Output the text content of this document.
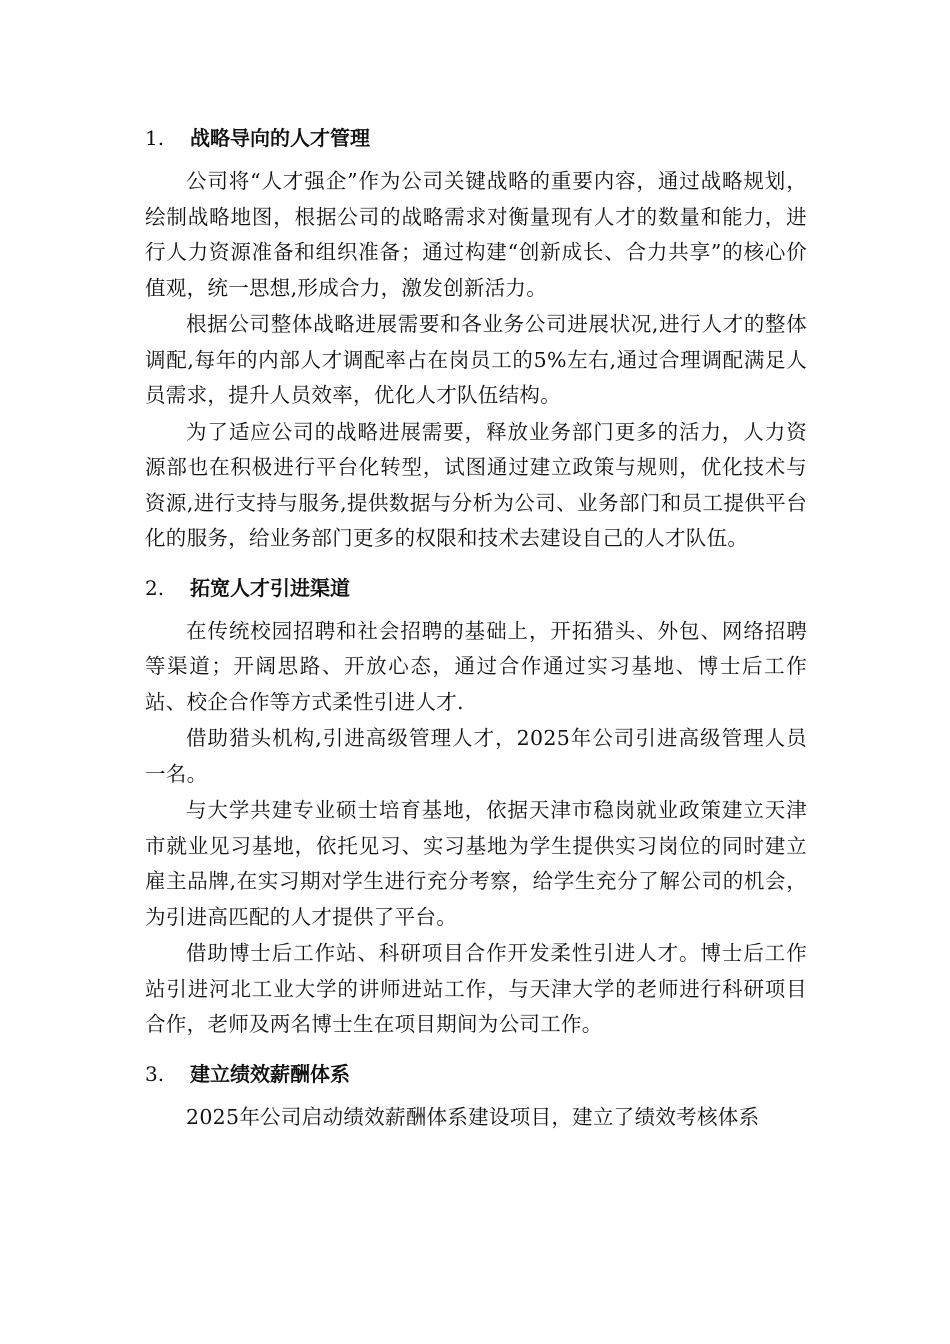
1.	战略导向的人才管理

公司将“人才强企”作为公司关键战略的重要内容，通过战略规划，绘制战略地图，根据公司的战略需求对衡量现有人才的数量和能力，进行人力资源准备和组织准备；通过构建“创新成长、合力共享”的核心价值观，统一思想,形成合力，激发创新活力。

根据公司整体战略进展需要和各业务公司进展状况,进行人才的整体调配,每年的内部人才调配率占在岗员工的5%左右,通过合理调配满足人员需求，提升人员效率，优化人才队伍结构。

为了适应公司的战略进展需要，释放业务部门更多的活力，人力资源部也在积极进行平台化转型，试图通过建立政策与规则，优化技术与资源,进行支持与服务,提供数据与分析为公司、业务部门和员工提供平台化的服务，给业务部门更多的权限和技术去建设自己的人才队伍。

2.	拓宽人才引进渠道

在传统校园招聘和社会招聘的基础上，开拓猎头、外包、网络招聘等渠道；开阔思路、开放心态，通过合作通过实习基地、博士后工作站、校企合作等方式柔性引进人才.

借助猎头机构,引进高级管理人才，2025年公司引进高级管理人员一名。

与大学共建专业硕士培育基地，依据天津市稳岗就业政策建立天津市就业见习基地，依托见习、实习基地为学生提供实习岗位的同时建立雇主品牌,在实习期对学生进行充分考察，给学生充分了解公司的机会，为引进高匹配的人才提供了平台。

借助博士后工作站、科研项目合作开发柔性引进人才。博士后工作站引进河北工业大学的讲师进站工作，与天津大学的老师进行科研项目合作，老师及两名博士生在项目期间为公司工作。

3.	建立绩效薪酬体系

2025年公司启动绩效薪酬体系建设项目，建立了绩效考核体系
